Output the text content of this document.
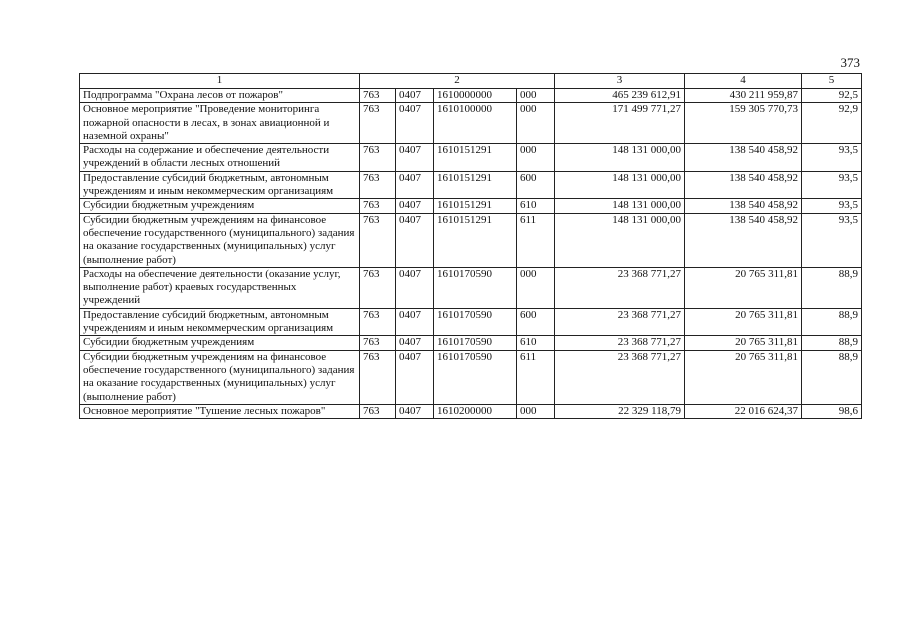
373
1	2				3	4	5
Подпрограмма "Охрана лесов от пожаров"	763	0407	1610000000	000	465 239 612,91	430 211 959,87	92,5
Основное мероприятие "Проведение мониторинга пожарной опасности в лесах, в зонах авиационной и наземной охраны"	763	0407	1610100000	000	171 499 771,27	159 305 770,73	92,9
Расходы на содержание и обеспечение деятельности учреждений в области лесных отношений	763	0407	1610151291	000	148 131 000,00	138 540 458,92	93,5
Предоставление субсидий бюджетным, автономным учреждениям и иным некоммерческим организациям	763	0407	1610151291	600	148 131 000,00	138 540 458,92	93,5
Субсидии бюджетным учреждениям	763	0407	1610151291	610	148 131 000,00	138 540 458,92	93,5
Субсидии бюджетным учреждениям на финансовое обеспечение государственного (муниципального) задания на оказание государственных (муниципальных) услуг (выполнение работ)	763	0407	1610151291	611	148 131 000,00	138 540 458,92	93,5
Расходы на обеспечение деятельности (оказание услуг, выполнение работ) краевых государственных учреждений	763	0407	1610170590	000	23 368 771,27	20 765 311,81	88,9
Предоставление субсидий бюджетным, автономным учреждениям и иным некоммерческим организациям	763	0407	1610170590	600	23 368 771,27	20 765 311,81	88,9
Субсидии бюджетным учреждениям	763	0407	1610170590	610	23 368 771,27	20 765 311,81	88,9
Субсидии бюджетным учреждениям на финансовое обеспечение государственного (муниципального) задания на оказание государственных (муниципальных) услуг (выполнение работ)	763	0407	1610170590	611	23 368 771,27	20 765 311,81	88,9
Основное мероприятие "Тушение лесных пожаров"	763	0407	1610200000	000	22 329 118,79	22 016 624,37	98,6
